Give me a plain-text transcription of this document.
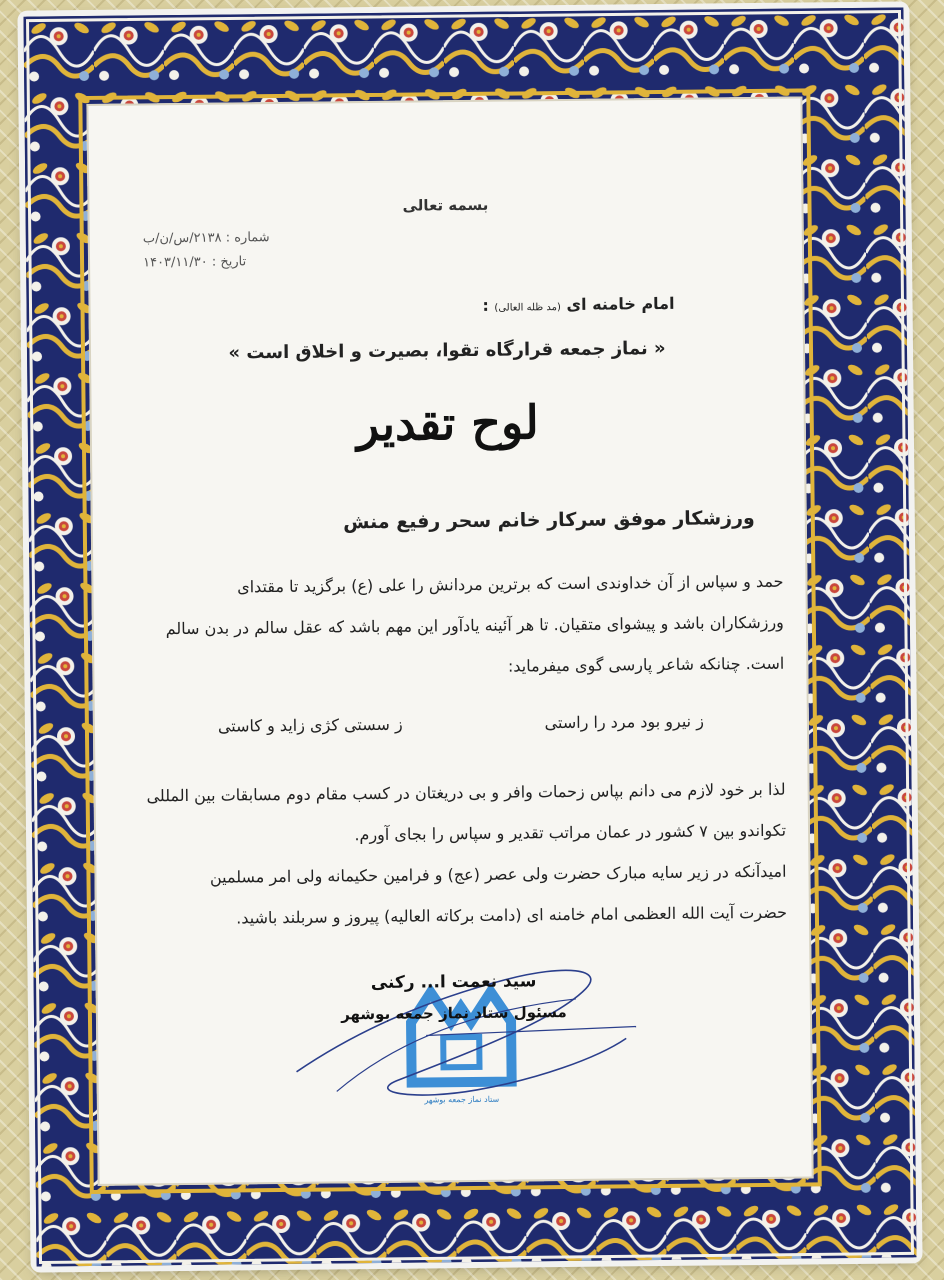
بسمه تعالی
شماره : ۲۱۳۸/س/ن/ب
تاریخ : ۱۴۰۳/۱۱/۳۰
امام خامنه ای (مد ظله العالی) :
« نماز جمعه قرارگاه تقوا، بصیرت و اخلاق است »
لوح تقدیر
ورزشکار موفق سرکار خانم سحر رفیع منش
حمد و سپاس از آن خداوندی است که برترین مردانش را علی (ع) برگزید تا مقتدای
ورزشکاران باشد و پیشوای متقیان. تا هر آئینه یادآور این مهم باشد که عقل سالم در بدن سالم
است. چنانکه شاعر پارسی گوی میفرماید:
ز نیرو بود مرد را راستی
ز سستی کژی زاید و کاستی
لذا بر خود لازم می دانم بپاس زحمات وافر و بی دریغتان در کسب مقام دوم مسابقات بین المللی
تکواندو بین ۷ کشور در عمان مراتب تقدیر و سپاس را بجای آورم.
امیدآنکه در زیر سایه مبارک حضرت ولی عصر (عج) و فرامین حکیمانه ولی امر مسلمین
حضرت آیت الله العظمی امام خامنه ای (دامت برکاته العالیه) پیروز و سربلند باشید.
ستاد نماز جمعه بوشهر
سید نعمت ا... رکنی
مسئول ستاد نماز جمعه بوشهر
